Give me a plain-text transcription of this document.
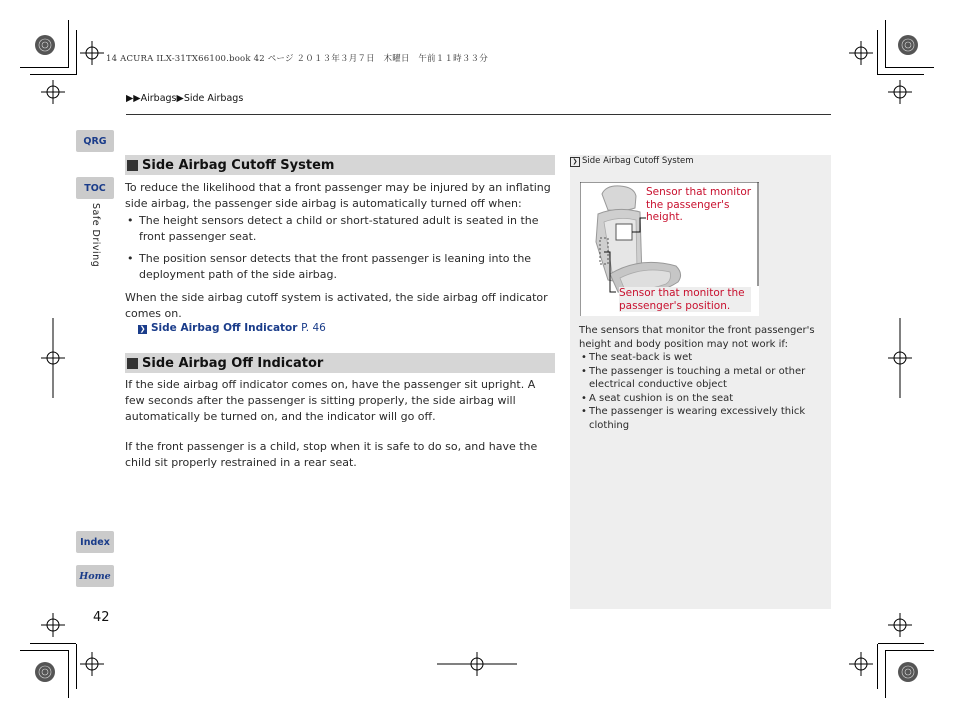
14 ACURA ILX-31TX66100.book 42 ページ ２０１３年３月７日　木曜日　午前１１時３３分
▶▶Airbags▶Side Airbags
QRG
TOC
Safe Driving
Index
Home
42
Side Airbag Cutoff System
To reduce the likelihood that a front passenger may be injured by an inflating side airbag, the passenger side airbag is automatically turned off when:
• The height sensors detect a child or short-statured adult is seated in the front passenger seat.
• The position sensor detects that the front passenger is leaning into the deployment path of the side airbag.
When the side airbag cutoff system is activated, the side airbag off indicator comes on.
❯ Side Airbag Off Indicator P. 46
Side Airbag Off Indicator
If the side airbag off indicator comes on, have the passenger sit upright. A few seconds after the passenger is sitting properly, the side airbag will automatically be turned on, and the indicator will go off.
If the front passenger is a child, stop when it is safe to do so, and have the child sit properly restrained in a rear seat.
❯ Side Airbag Cutoff System
Sensor that monitor the passenger's height.
Sensor that monitor the passenger's position.
The sensors that monitor the front passenger's height and body position may not work if:
• The seat-back is wet
• The passenger is touching a metal or other electrical conductive object
• A seat cushion is on the seat
• The passenger is wearing excessively thick clothing
